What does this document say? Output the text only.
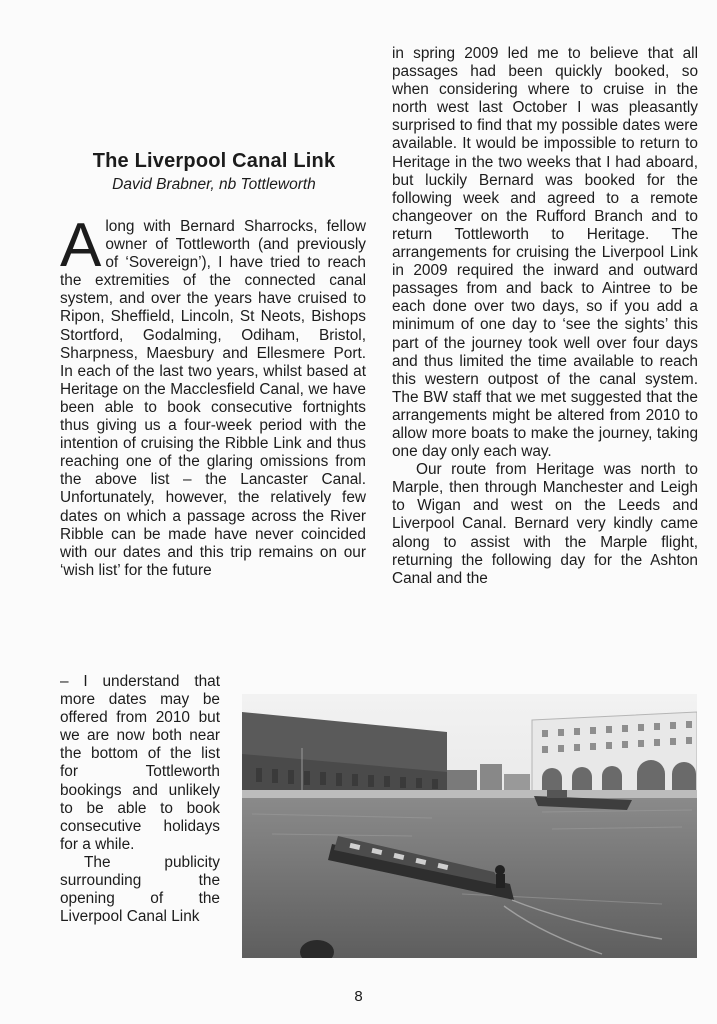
The Liverpool Canal Link
David Brabner, nb Tottleworth

Along with Bernard Sharrocks, fellow owner of Tottleworth (and previously of ‘Sovereign’), I have tried to reach the extremities of the connected canal system, and over the years have cruised to Ripon, Sheffield, Lincoln, St Neots, Bishops Stortford, Godalming, Odiham, Bristol, Sharpness, Maesbury and Ellesmere Port. In each of the last two years, whilst based at Heritage on the Macclesfield Canal, we have been able to book consecutive fortnights thus giving us a four-week period with the intention of cruising the Ribble Link and thus reaching one of the glaring omissions from the above list – the Lancaster Canal. Unfortunately, however, the relatively few dates on which a passage across the River Ribble can be made have never coincided with our dates and this trip remains on our ‘wish list’ for the future

– I understand that more dates may be offered from 2010 but we are now both near the bottom of the list for Tottleworth bookings and unlikely to be able to book consecutive holidays for a while.

The publicity surrounding the opening of the Liverpool Canal Link

in spring 2009 led me to believe that all passages had been quickly booked, so when considering where to cruise in the north west last October I was pleasantly surprised to find that my possible dates were available. It would be impossible to return to Heritage in the two weeks that I had aboard, but luckily Bernard was booked for the following week and agreed to a remote changeover on the Rufford Branch and to return Tottleworth to Heritage. The arrangements for cruising the Liverpool Link in 2009 required the inward and outward passages from and back to Aintree to be each done over two days, so if you add a minimum of one day to ‘see the sights’ this part of the journey took well over four days and thus limited the time available to reach this western outpost of the canal system. The BW staff that we met suggested that the arrangements might be altered from 2010 to allow more boats to make the journey, taking one day only each way.

Our route from Heritage was north to Marple, then through Manchester and Leigh to Wigan and west on the Leeds and Liverpool Canal. Bernard very kindly came along to assist with the Marple flight, returning the following day for the Ashton Canal and the

8
